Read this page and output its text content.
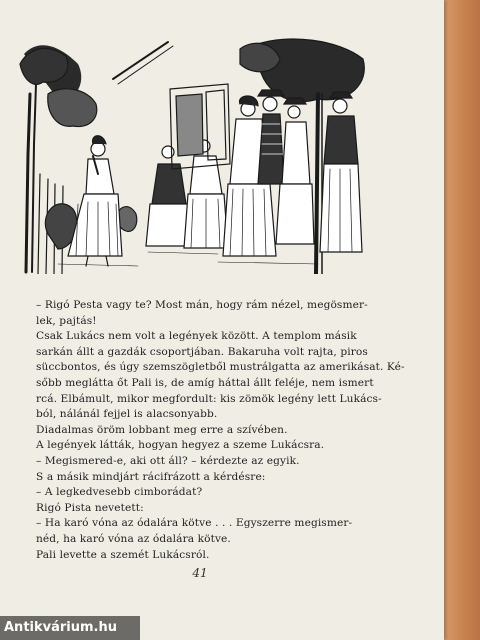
– Rigó Pesta vagy te? Most mán, hogy rám nézel, megösmer-

lek, pajtás!

Csak Lukács nem volt a legények között. A templom másik

sarkán állt a gazdák csoportjában. Bakaruha volt rajta, piros

süccbontos, és úgy szemszögletből mustrálgatta az amerikásat. Ké-

sőbb meglátta őt Pali is, de amíg háttal állt feléje, nem ismert

rcá. Elbámult, mikor megfordult: kis zömök legény lett Lukács-

ból, nálánál fejjel is alacsonyabb.

Diadalmas öröm lobbant meg erre a szívében.

A legények látták, hogyan hegyez a szeme Lukácsra.

– Megismered-e, aki ott áll? – kérdezte az egyik.

S a másik mindjárt rácifrázott a kérdésre:

– A legkedvesebb cimborádat?

Rigó Pista nevetett:

– Ha karó vóna az ódalára kötve . . . Egyszerre megismer-

néd, ha karó vóna az ódalára kötve.

Pali levette a szemét Lukácsról.

41
Antikvárium.hu
